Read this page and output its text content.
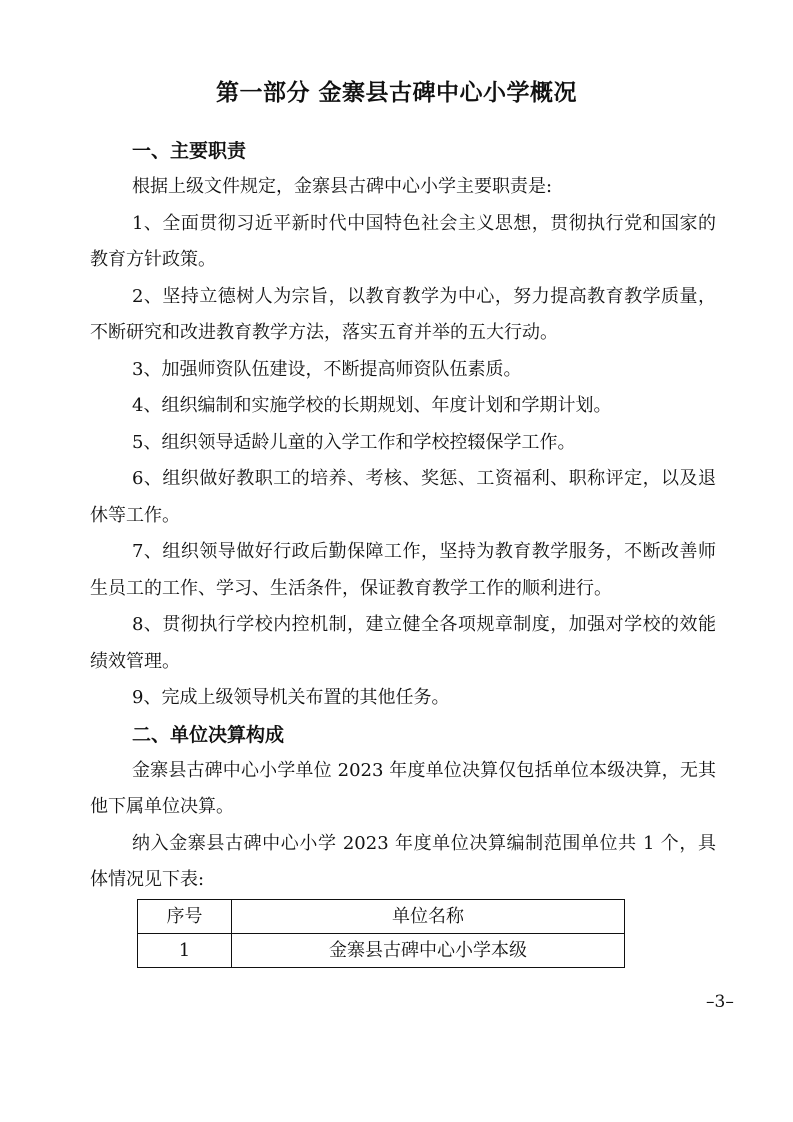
第一部分 金寨县古碑中心小学概况
一、主要职责

根据上级文件规定，金寨县古碑中心小学主要职责是:

1、全面贯彻习近平新时代中国特色社会主义思想，贯彻执行党和国家的教育方针政策。

2、坚持立德树人为宗旨，以教育教学为中心，努力提高教育教学质量，不断研究和改进教育教学方法，落实五育并举的五大行动。

3、加强师资队伍建设，不断提高师资队伍素质。

4、组织编制和实施学校的长期规划、年度计划和学期计划。

5、组织领导适龄儿童的入学工作和学校控辍保学工作。

6、组织做好教职工的培养、考核、奖惩、工资福利、职称评定，以及退休等工作。

7、组织领导做好行政后勤保障工作，坚持为教育教学服务，不断改善师生员工的工作、学习、生活条件，保证教育教学工作的顺利进行。

8、贯彻执行学校内控机制，建立健全各项规章制度，加强对学校的效能绩效管理。

9、完成上级领导机关布置的其他任务。

二、单位决算构成

金寨县古碑中心小学单位 2023 年度单位决算仅包括单位本级决算，无其他下属单位决算。

纳入金寨县古碑中心小学 2023 年度单位决算编制范围单位共 1 个，具体情况见下表:

序号	单位名称
1	金寨县古碑中心小学本级
–3–
